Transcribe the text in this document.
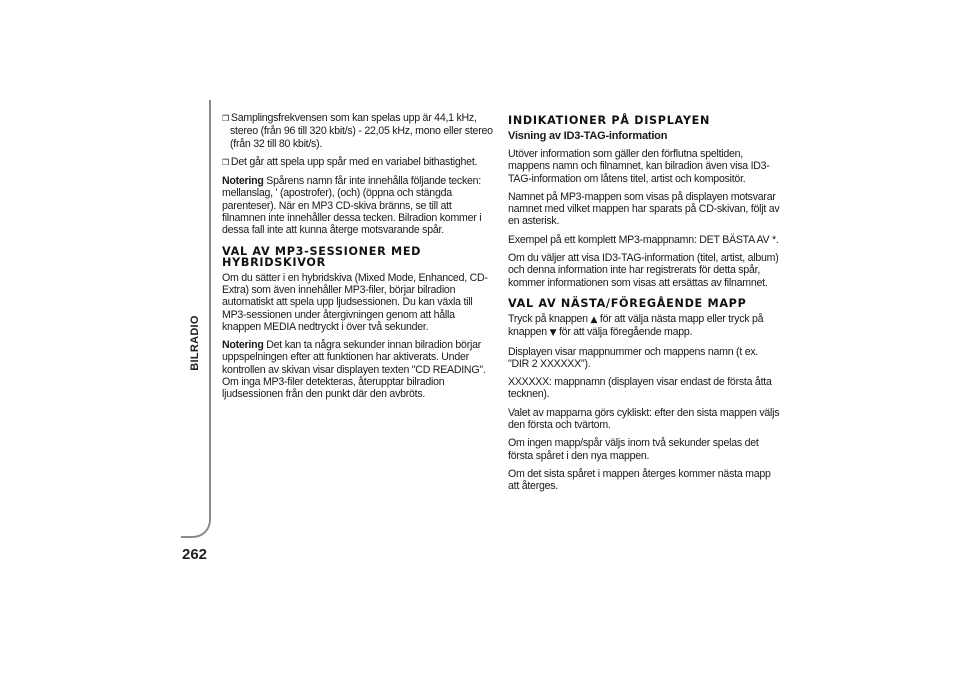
BILRADIO
262

❒ Samplingsfrekvensen som kan spelas upp är 44,1 kHz, stereo (från 96 till 320 kbit/s) - 22,05 kHz, mono eller stereo (från 32 till 80 kbit/s).

❒ Det går att spela upp spår med en variabel bithastighet.

Notering Spårens namn får inte innehålla följande tecken: mellanslag, ' (apostrofer), (och) (öppna och stängda parenteser). När en MP3 CD-skiva bränns, se till att filnamnen inte innehåller dessa tecken. Bilradion kommer i dessa fall inte att kunna återge motsvarande spår.

VAL AV MP3-SESSIONER MED HYBRIDSKIVOR

Om du sätter i en hybridskiva (Mixed Mode, Enhanced, CD-Extra) som även innehåller MP3-filer, börjar bilradion automatiskt att spela upp ljudsessionen. Du kan växla till MP3-sessionen under återgivningen genom att hålla knappen MEDIA nedtryckt i över två sekunder.

Notering Det kan ta några sekunder innan bilradion börjar uppspelningen efter att funktionen har aktiverats. Under kontrollen av skivan visar displayen texten "CD READING". Om inga MP3-filer detekteras, återupptar bilradion ljudsessionen från den punkt där den avbröts.

INDIKATIONER PÅ DISPLAYEN
Visning av ID3-TAG-information

Utöver information som gäller den förflutna speltiden, mappens namn och filnamnet, kan bilradion även visa ID3-TAG-information om låtens titel, artist och kompositör.

Namnet på MP3-mappen som visas på displayen motsvarar namnet med vilket mappen har sparats på CD-skivan, följt av en asterisk.

Exempel på ett komplett MP3-mappnamn: DET BÄSTA AV *.

Om du väljer att visa ID3-TAG-information (titel, artist, album) och denna information inte har registrerats för detta spår, kommer informationen som visas att ersättas av filnamnet.

VAL AV NÄSTA/FÖREGÅENDE MAPP

Tryck på knappen ▲ för att välja nästa mapp eller tryck på knappen ▼ för att välja föregående mapp.

Displayen visar mappnummer och mappens namn (t ex. "DIR 2 XXXXXX").

XXXXXX: mappnamn (displayen visar endast de första åtta tecknen).

Valet av mapparna görs cykliskt: efter den sista mappen väljs den första och tvärtom.

Om ingen mapp/spår väljs inom två sekunder spelas det första spåret i den nya mappen.

Om det sista spåret i mappen återges kommer nästa mapp att återges.
